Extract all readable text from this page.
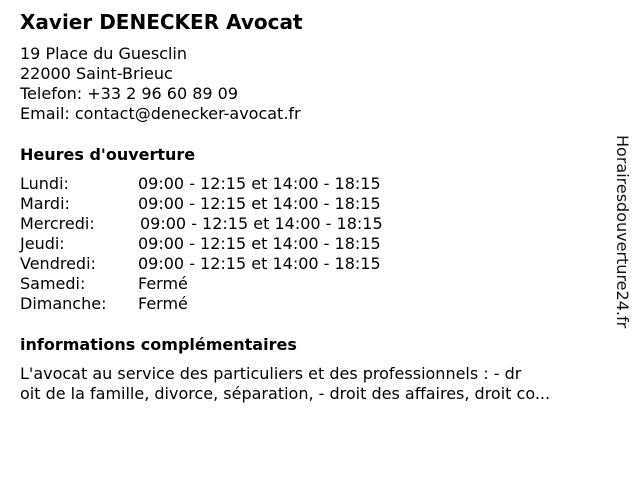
Xavier DENECKER Avocat
19 Place du Guesclin
22000 Saint-Brieuc
Telefon: +33 2 96 60 89 09
Email: contact@denecker-avocat.fr
Heures d'ouverture
Lundi:	09:00 - 12:15 et 14:00 - 18:15
Mardi:	09:00 - 12:15 et 14:00 - 18:15
Mercredi:	09:00 - 12:15 et 14:00 - 18:15
Jeudi:	09:00 - 12:15 et 14:00 - 18:15
Vendredi:	09:00 - 12:15 et 14:00 - 18:15
Samedi:	Fermé
Dimanche: Fermé
informations complémentaires
L'avocat au service des particuliers et des professionnels : - dr
oit de la famille, divorce, séparation, - droit des affaires, droit co...
Horairesdouverture24.fr
